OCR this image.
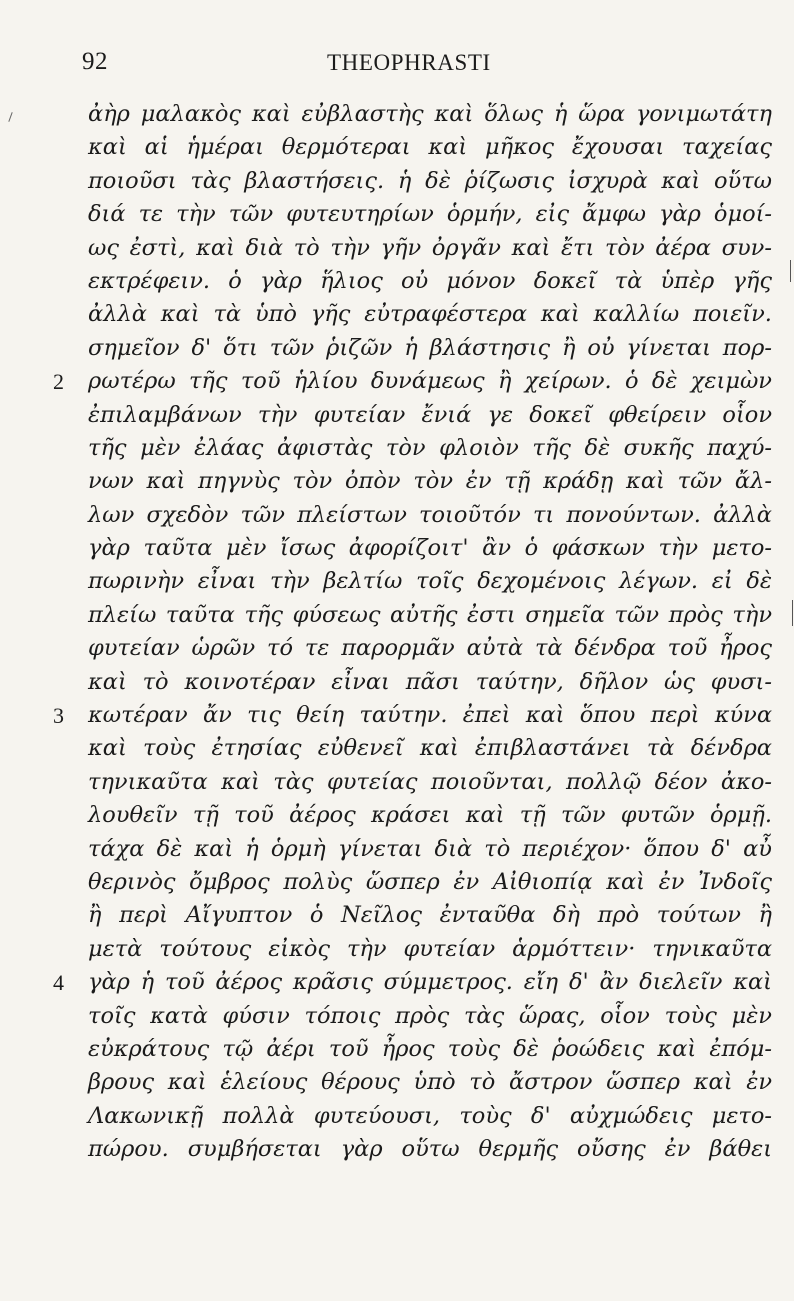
92	THEOPHRASTI
ἀὴρ μαλακὸς καὶ εὐβλαστὴς καὶ ὅλως ἡ ὥρα γονιμωτάτη
καὶ αἱ ἡμέραι θερμότεραι καὶ μῆκος ἔχουσαι ταχείας
ποιοῦσι τὰς βλαστήσεις. ἡ δὲ ῥίζωσις ἰσχυρὰ καὶ οὕτω
διά τε τὴν τῶν φυτευτηρίων ὁρμήν, εἰς ἄμφω γὰρ ὁμοί-
ως ἐστὶ, καὶ διὰ τὸ τὴν γῆν ὀργᾶν καὶ ἔτι τὸν ἀέρα συν-
εκτρέφειν. ὁ γὰρ ἥλιος οὐ μόνον δοκεῖ τὰ ὑπὲρ γῆς
ἀλλὰ καὶ τὰ ὑπὸ γῆς εὐτραφέστερα καὶ καλλίω ποιεῖν.
σημεῖον δ' ὅτι τῶν ῥιζῶν ἡ βλάστησις ἢ οὐ γίνεται πορ-
2 ρωτέρω τῆς τοῦ ἡλίου δυνάμεως ἢ χείρων. ὁ δὲ χειμὼν
ἐπιλαμβάνων τὴν φυτείαν ἔνιά γε δοκεῖ φθείρειν οἷον
τῆς μὲν ἐλάας ἀφιστὰς τὸν φλοιὸν τῆς δὲ συκῆς παχύ-
νων καὶ πηγνὺς τὸν ὀπὸν τὸν ἐν τῇ κράδῃ καὶ τῶν ἄλ-
λων σχεδὸν τῶν πλείστων τοιοῦτόν τι πονούντων. ἀλλὰ
γὰρ ταῦτα μὲν ἴσως ἀφορίζοιτ' ἂν ὁ φάσκων τὴν μετο-
πωρινὴν εἶναι τὴν βελτίω τοῖς δεχομένοις λέγων. εἰ δὲ
πλείω ταῦτα τῆς φύσεως αὐτῆς ἐστι σημεῖα τῶν πρὸς τὴν
φυτείαν ὡρῶν τό τε παρορμᾶν αὐτὰ τὰ δένδρα τοῦ ἦρος
καὶ τὸ κοινοτέραν εἶναι πᾶσι ταύτην, δῆλον ὡς φυσι-
3 κωτέραν ἄν τις θείη ταύτην. ἐπεὶ καὶ ὅπου περὶ κύνα
καὶ τοὺς ἐτησίας εὐθενεῖ καὶ ἐπιβλαστάνει τὰ δένδρα
τηνικαῦτα καὶ τὰς φυτείας ποιοῦνται, πολλῷ δέον ἀκο-
λουθεῖν τῇ τοῦ ἀέρος κράσει καὶ τῇ τῶν φυτῶν ὁρμῇ.
τάχα δὲ καὶ ἡ ὁρμὴ γίνεται διὰ τὸ περιέχον· ὅπου δ' αὖ
θερινὸς ὄμβρος πολὺς ὥσπερ ἐν Αἰθιοπίᾳ καὶ ἐν Ἰνδοῖς
ἢ περὶ Αἴγυπτον ὁ Νεῖλος ἐνταῦθα δὴ πρὸ τούτων ἢ
μετὰ τούτους εἰκὸς τὴν φυτείαν ἁρμόττειν· τηνικαῦτα
4 γὰρ ἡ τοῦ ἀέρος κρᾶσις σύμμετρος. εἴη δ' ἂν διελεῖν καὶ
τοῖς κατὰ φύσιν τόποις πρὸς τὰς ὥρας, οἷον τοὺς μὲν
εὐκράτους τῷ ἀέρι τοῦ ἦρος τοὺς δὲ ῥοώδεις καὶ ἐπόμ-
βρους καὶ ἑλείους θέρους ὑπὸ τὸ ἄστρον ὥσπερ καὶ ἐν
Λακωνικῇ πολλὰ φυτεύουσι, τοὺς δ' αὐχμώδεις μετο-
πώρου. συμβήσεται γὰρ οὕτω θερμῆς οὔσης ἐν βάθει
